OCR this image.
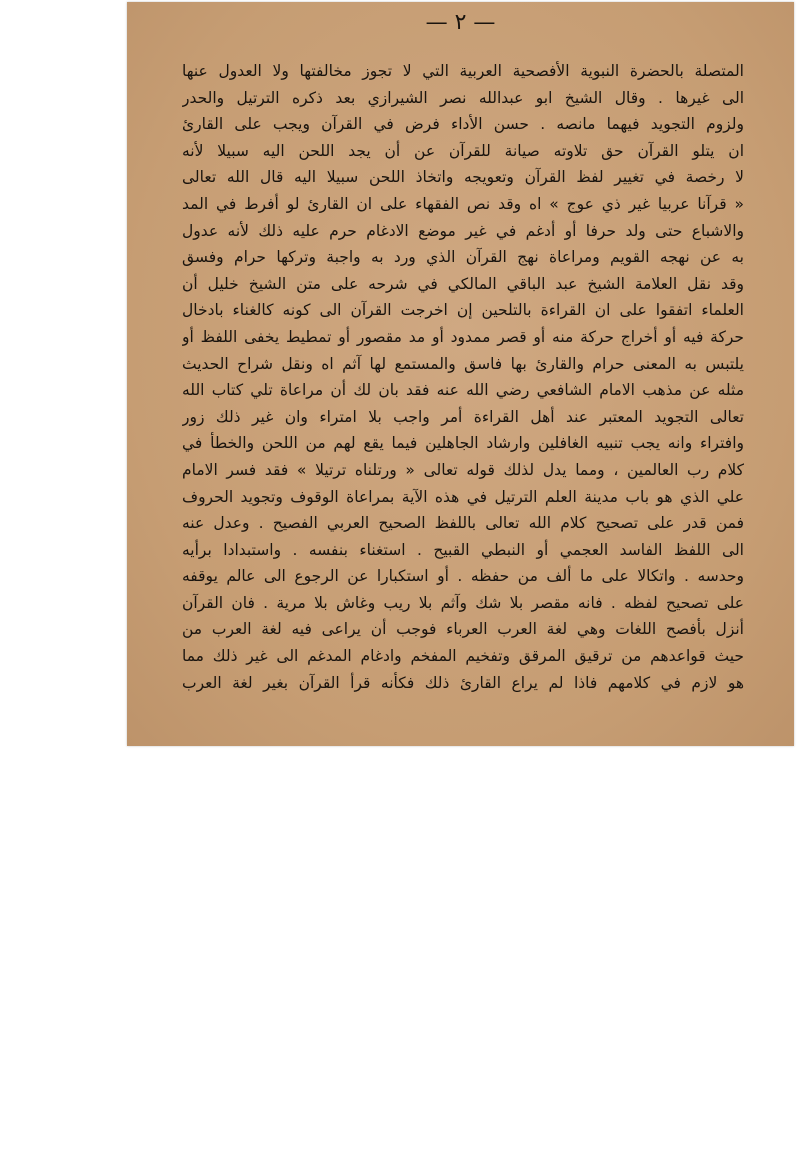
— ٢ —
المتصلة بالحضرة النبوية الأفصحية العربية التي لا تجوز مخالفتها ولا العدول عنها
الى غيرها . وقال الشيخ ابو عبدالله نصر الشيرازي بعد ذكره الترتيل والحدر
ولزوم التجويد فيهما مانصه . حسن الأداء فرض في القرآن ويجب على القارئ
ان يتلو القرآن حق تلاوته صيانة للقرآن عن أن يجد اللحن اليه سبيلا لأنه
لا رخصة في تغيير لفظ القرآن وتعويجه واتخاذ اللحن سبيلا اليه قال الله تعالى
« قرآنا عربيا غير ذي عوج » اه وقد نص الفقهاء على ان القارئ لو أفرط في المد
والاشباع حتى ولد حرفا أو أدغم في غير موضع الادغام حرم عليه ذلك لأنه عدول
به عن نهجه القويم ومراعاة نهج القرآن الذي ورد به واجبة وتركها حرام وفسق
وقد نقل العلامة الشيخ عبد الباقي المالكي في شرحه على متن الشيخ خليل أن
العلماء اتفقوا على ان القراءة بالتلحين إن اخرجت القرآن الى كونه كالغناء بادخال
حركة فيه أو أخراج حركة منه أو قصر ممدود أو مد مقصور أو تمطيط يخفى اللفظ أو
يلتبس به المعنى حرام والقارئ بها فاسق والمستمع لها آثم اه ونقل شراح الحديث
مثله عن مذهب الامام الشافعي رضي الله عنه فقد بان لك أن مراعاة تلي كتاب الله
تعالى التجويد المعتبر عند أهل القراءة أمر واجب بلا امتراء وان غير ذلك زور
وافتراء وانه يجب تنبيه الغافلين وارشاد الجاهلين فيما يقع لهم من اللحن والخطأ في
كلام رب العالمين ، ومما يدل لذلك قوله تعالى « ورتلناه ترتيلا » فقد فسر الامام
علي الذي هو باب مدينة العلم الترتيل في هذه الآية بمراعاة الوقوف وتجويد الحروف
فمن قدر على تصحيح كلام الله تعالى باللفظ الصحيح العربي الفصيح . وعدل عنه
الى اللفظ الفاسد العجمي أو النبطي القبيح . استغناء بنفسه . واستبدادا برأيه
وحدسه . واتكالا على ما ألف من حفظه . أو استكبارا عن الرجوع الى عالم يوقفه
على تصحيح لفظه . فانه مقصر بلا شك وآثم بلا ريب وغاش بلا مرية . فان القرآن
أنزل بأفصح اللغات وهي لغة العرب العرباء فوجب أن يراعى فيه لغة العرب من
حيث قواعدهم من ترقيق المرقق وتفخيم المفخم وادغام المدغم الى غير ذلك مما
هو لازم في كلامهم فاذا لم يراع القارئ ذلك فكأنه قرأ القرآن بغير لغة العرب
